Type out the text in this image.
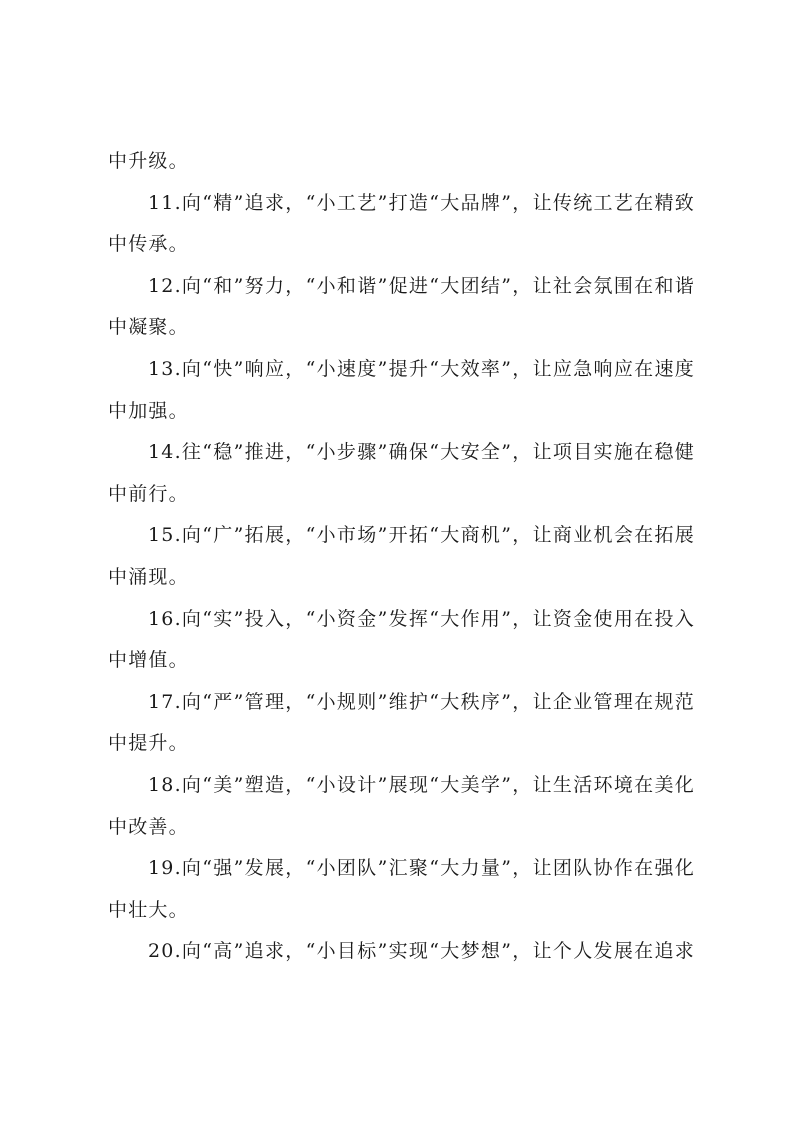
中升级。
11.向“精”追求，“小工艺”打造“大品牌”，让传统工艺在精致
中传承。
12.向“和”努力，“小和谐”促进“大团结”，让社会氛围在和谐
中凝聚。
13.向“快”响应，“小速度”提升“大效率”，让应急响应在速度
中加强。
14.往“稳”推进，“小步骤”确保“大安全”，让项目实施在稳健
中前行。
15.向“广”拓展，“小市场”开拓“大商机”，让商业机会在拓展
中涌现。
16.向“实”投入，“小资金”发挥“大作用”，让资金使用在投入
中增值。
17.向“严”管理，“小规则”维护“大秩序”，让企业管理在规范
中提升。
18.向“美”塑造，“小设计”展现“大美学”，让生活环境在美化
中改善。
19.向“强”发展，“小团队”汇聚“大力量”，让团队协作在强化
中壮大。
20.向“高”追求，“小目标”实现“大梦想”，让个人发展在追求
